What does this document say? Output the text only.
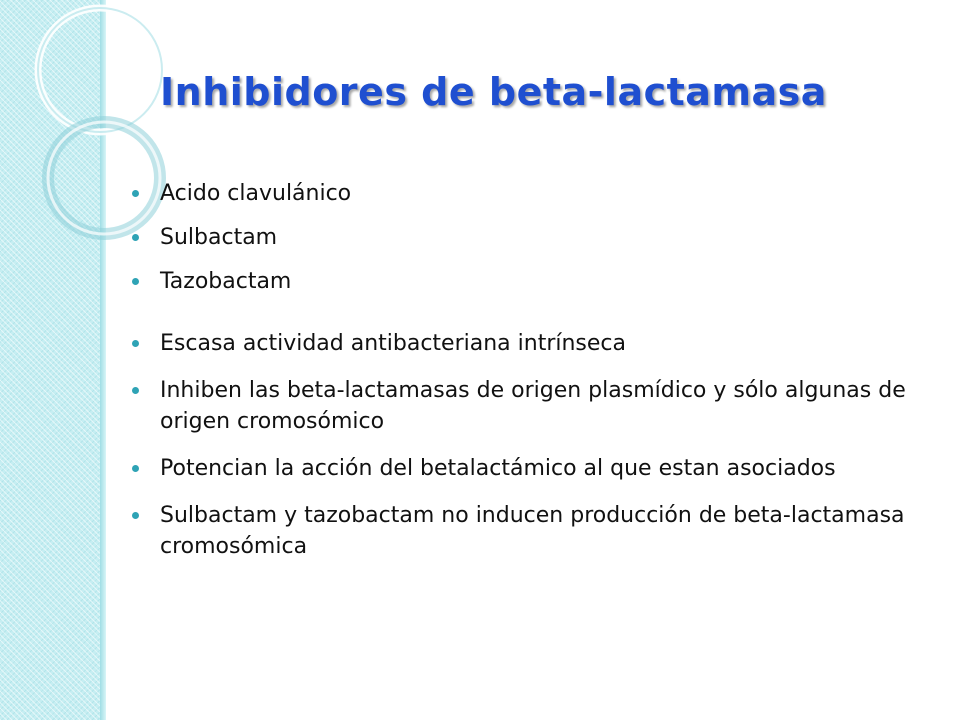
Inhibidores de beta-lactamasa
Acido clavulánico
Sulbactam
Tazobactam
Escasa actividad antibacteriana intrínseca
Inhiben las beta-lactamasas de origen plasmídico y sólo algunas de origen cromosómico
Potencian la acción del betalactámico al que estan asociados
Sulbactam y tazobactam no inducen producción de beta-lactamasa cromosómica
